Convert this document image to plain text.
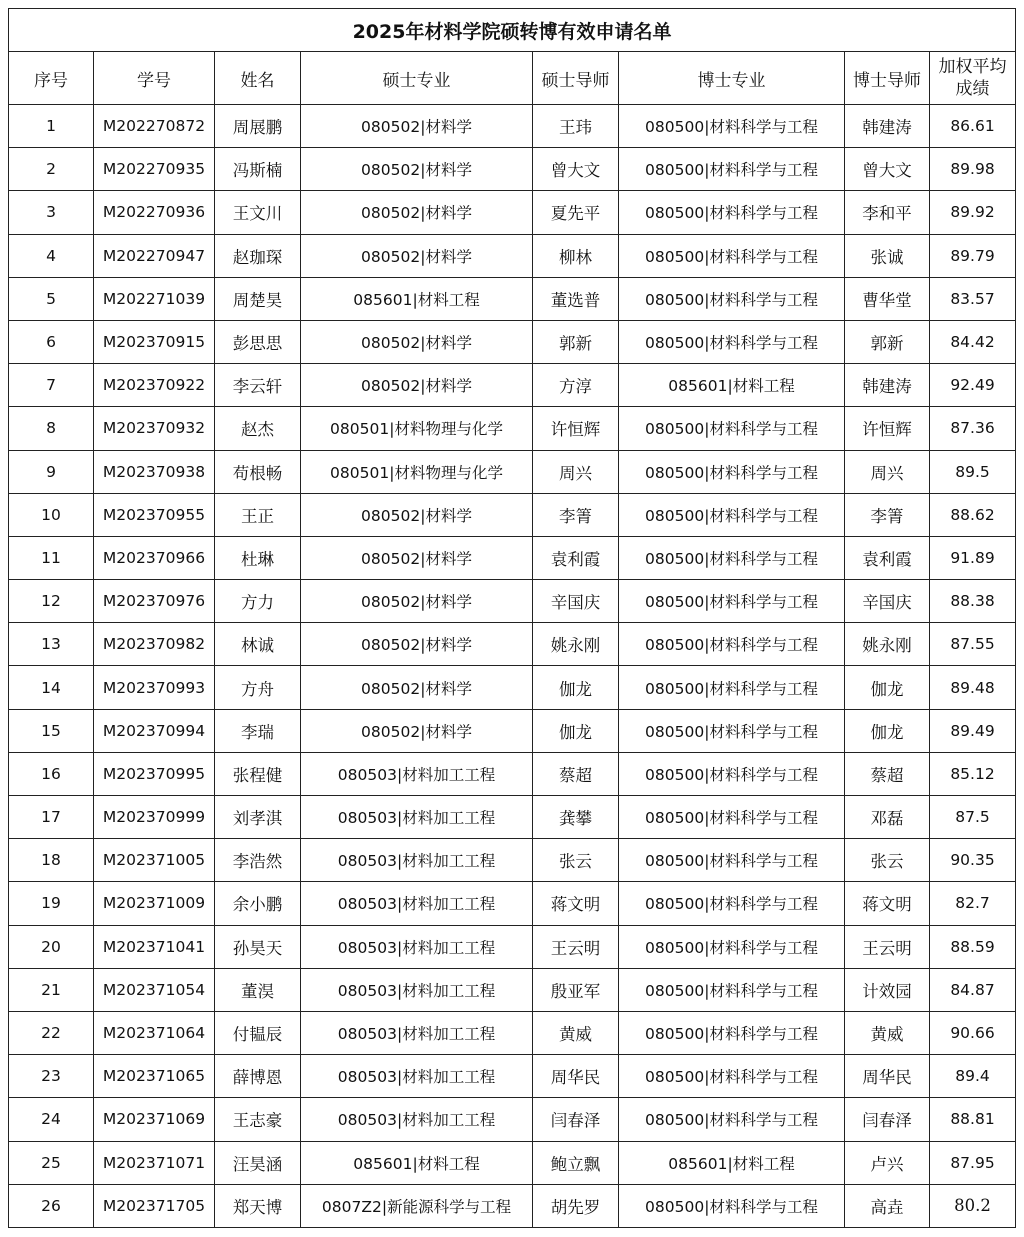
2025年材料学院硕转博有效申请名单							
序号	学号	姓名	硕士专业	硕士导师	博士专业	博士导师	加权平均成绩
1	M202270872	周展鹏	080502|材料学	王玮	080500|材料科学与工程	韩建涛	86.61
2	M202270935	冯斯楠	080502|材料学	曾大文	080500|材料科学与工程	曾大文	89.98
3	M202270936	王文川	080502|材料学	夏先平	080500|材料科学与工程	李和平	89.92
4	M202270947	赵珈琛	080502|材料学	柳林	080500|材料科学与工程	张诚	89.79
5	M202271039	周楚昊	085601|材料工程	董选普	080500|材料科学与工程	曹华堂	83.57
6	M202370915	彭思思	080502|材料学	郭新	080500|材料科学与工程	郭新	84.42
7	M202370922	李云轩	080502|材料学	方淳	085601|材料工程	韩建涛	92.49
8	M202370932	赵杰	080501|材料物理与化学	许恒辉	080500|材料科学与工程	许恒辉	87.36
9	M202370938	苟根畅	080501|材料物理与化学	周兴	080500|材料科学与工程	周兴	89.5
10	M202370955	王正	080502|材料学	李箐	080500|材料科学与工程	李箐	88.62
11	M202370966	杜琳	080502|材料学	袁利霞	080500|材料科学与工程	袁利霞	91.89
12	M202370976	方力	080502|材料学	辛国庆	080500|材料科学与工程	辛国庆	88.38
13	M202370982	林诚	080502|材料学	姚永刚	080500|材料科学与工程	姚永刚	87.55
14	M202370993	方舟	080502|材料学	伽龙	080500|材料科学与工程	伽龙	89.48
15	M202370994	李瑞	080502|材料学	伽龙	080500|材料科学与工程	伽龙	89.49
16	M202370995	张程健	080503|材料加工工程	蔡超	080500|材料科学与工程	蔡超	85.12
17	M202370999	刘孝淇	080503|材料加工工程	龚攀	080500|材料科学与工程	邓磊	87.5
18	M202371005	李浩然	080503|材料加工工程	张云	080500|材料科学与工程	张云	90.35
19	M202371009	余小鹏	080503|材料加工工程	蒋文明	080500|材料科学与工程	蒋文明	82.7
20	M202371041	孙昊天	080503|材料加工工程	王云明	080500|材料科学与工程	王云明	88.59
21	M202371054	董淏	080503|材料加工工程	殷亚军	080500|材料科学与工程	计效园	84.87
22	M202371064	付韫辰	080503|材料加工工程	黄威	080500|材料科学与工程	黄威	90.66
23	M202371065	薛博恩	080503|材料加工工程	周华民	080500|材料科学与工程	周华民	89.4
24	M202371069	王志豪	080503|材料加工工程	闫春泽	080500|材料科学与工程	闫春泽	88.81
25	M202371071	汪昊涵	085601|材料工程	鲍立飘	085601|材料工程	卢兴	87.95
26	M202371705	郑天博	0807Z2|新能源科学与工程	胡先罗	080500|材料科学与工程	高垚	80.2
